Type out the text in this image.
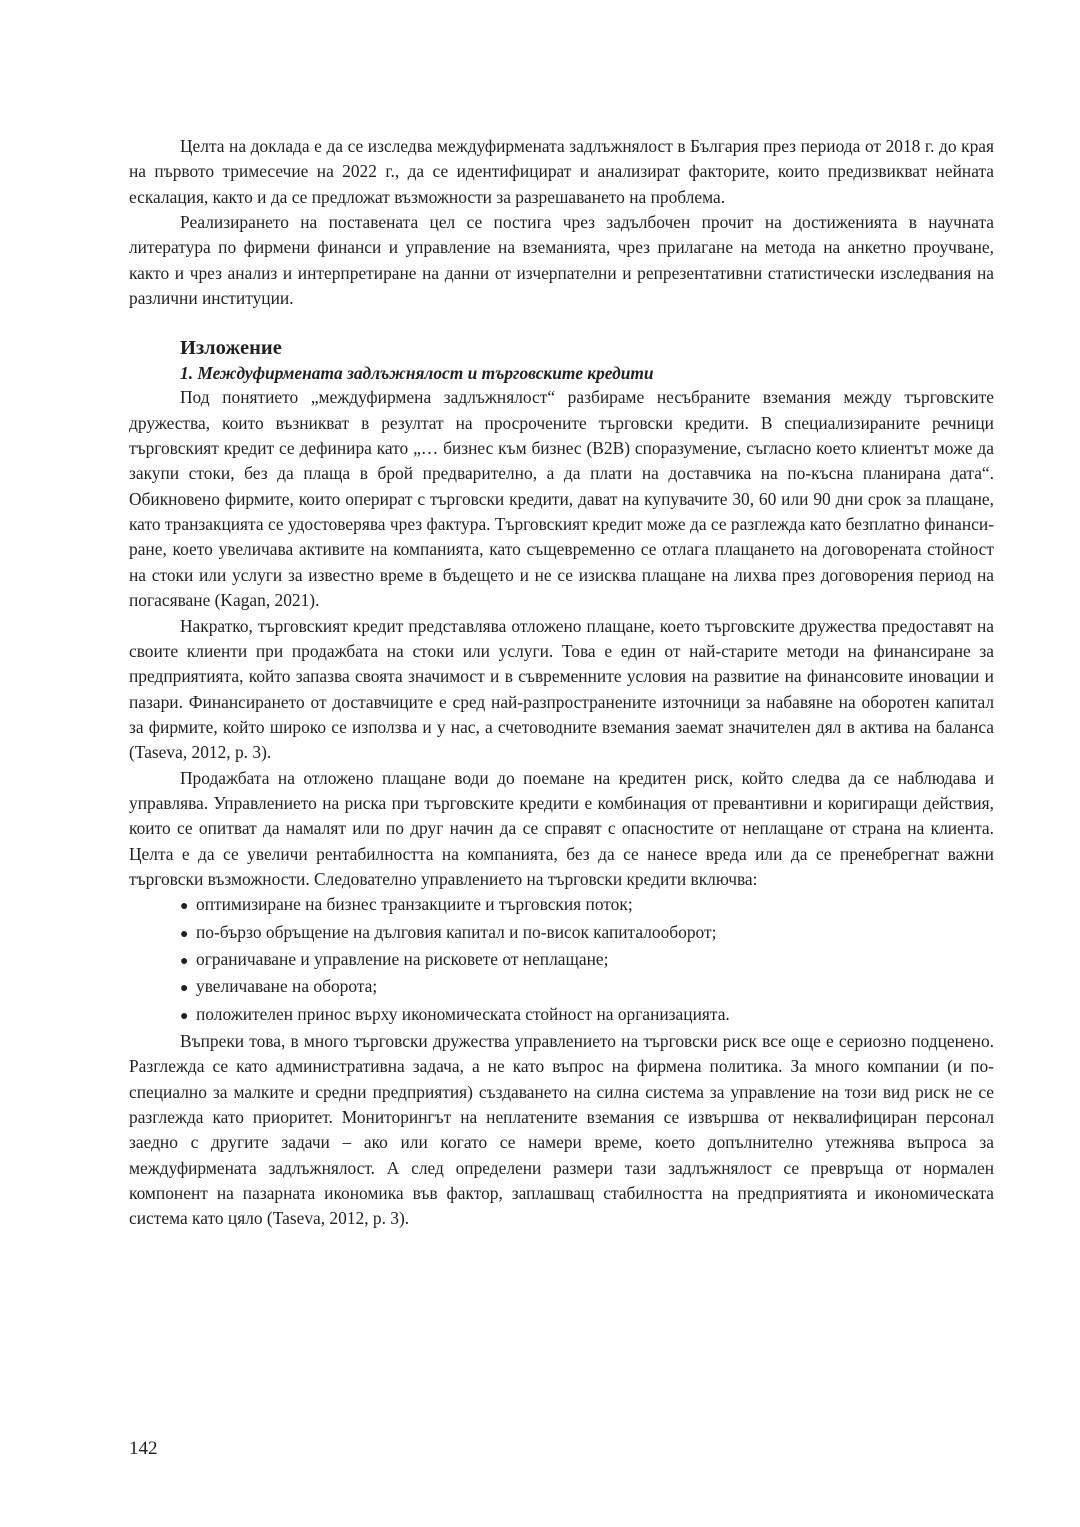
Целта на доклада е да се изследва междуфирмената задлъжнялост в България през периода от 2018 г. до края на първото тримесечие на 2022 г., да се идентифицират и анализират факторите, които предизвикват нейната ескалация, както и да се предложат възможности за разрешаването на проблема.

Реализирането на поставената цел се постига чрез задълбочен прочит на достиженията в научната литература по фирмени финанси и управление на вземанията, чрез прилагане на метода на анкетно проучване, както и чрез анализ и интерпретиране на данни от изчерпателни и репрезентативни статистически изследвания на различни институции.

Изложение
1. Междуфирмената задлъжнялост и търговските кредити

Под понятието „междуфирмена задлъжнялост“ разбираме несъбраните вземания между търговските дружества, които възникват в резултат на просрочените търговски кредити. В специализираните речници търговският кредит се дефинира като „… бизнес към бизнес (B2B) споразумение, съгласно което клиентът може да закупи стоки, без да плаща в брой предварително, а да плати на доставчика на по-късна планирана дата“. Обикновено фирмите, които оперират с търговски кредити, дават на купувачите 30, 60 или 90 дни срок за плащане, като транзакцията се удостоверява чрез фактура. Търговският кредит може да се разглежда като безплатно финансиране, което увеличава активите на компанията, като същевременно се отлага плащането на договорената стойност на стоки или услуги за известно време в бъдещето и не се изисква плащане на лихва през договорения период на погасяване (Kagan, 2021).

Накратко, търговският кредит представлява отложено плащане, което търговските дружества предоставят на своите клиенти при продажбата на стоки или услуги. Това е един от най-старите методи на финансиране за предприятията, който запазва своята значимост и в съвременните условия на развитие на финансовите иновации и пазари. Финансирането от доставчиците е сред най-разпространените източници за набавяне на оборотен капитал за фирмите, който широко се използва и у нас, а счетоводните вземания заемат значителен дял в актива на баланса (Taseva, 2012, p. 3).

Продажбата на отложено плащане води до поемане на кредитен риск, който следва да се наблюдава и управлява. Управлението на риска при търговските кредити е комбинация от превантивни и коригиращи действия, които се опитват да намалят или по друг начин да се справят с опасностите от неплащане от страна на клиента. Целта е да се увеличи рентабилността на компанията, без да се нанесе вреда или да се пренебрегнат важни търговски възможности. Следователно управлението на търговски кредити включва:

● оптимизиране на бизнес транзакциите и търговския поток;
● по-бързо обръщение на дълговия капитал и по-висок капиталооборот;
● ограничаване и управление на рисковете от неплащане;
● увеличаване на оборота;
● положителен принос върху икономическата стойност на организацията.

Въпреки това, в много търговски дружества управлението на търговски риск все още е сериозно подценено. Разглежда се като административна задача, а не като въпрос на фирмена политика. За много компании (и по-специално за малките и средни предприятия) създаването на силна система за управление на този вид риск не се разглежда като приоритет. Мониторингът на неплатените вземания се извършва от неквалифициран персонал заедно с другите задачи – ако или когато се намери време, което допълнително утежнява въпроса за междуфирмената задлъжнялост. А след определени размери тази задлъжнялост се превръща от нормален компонент на пазарната икономика във фактор, заплашващ стабилността на предприятията и икономическата система като цяло (Taseva, 2012, p. 3).

142
